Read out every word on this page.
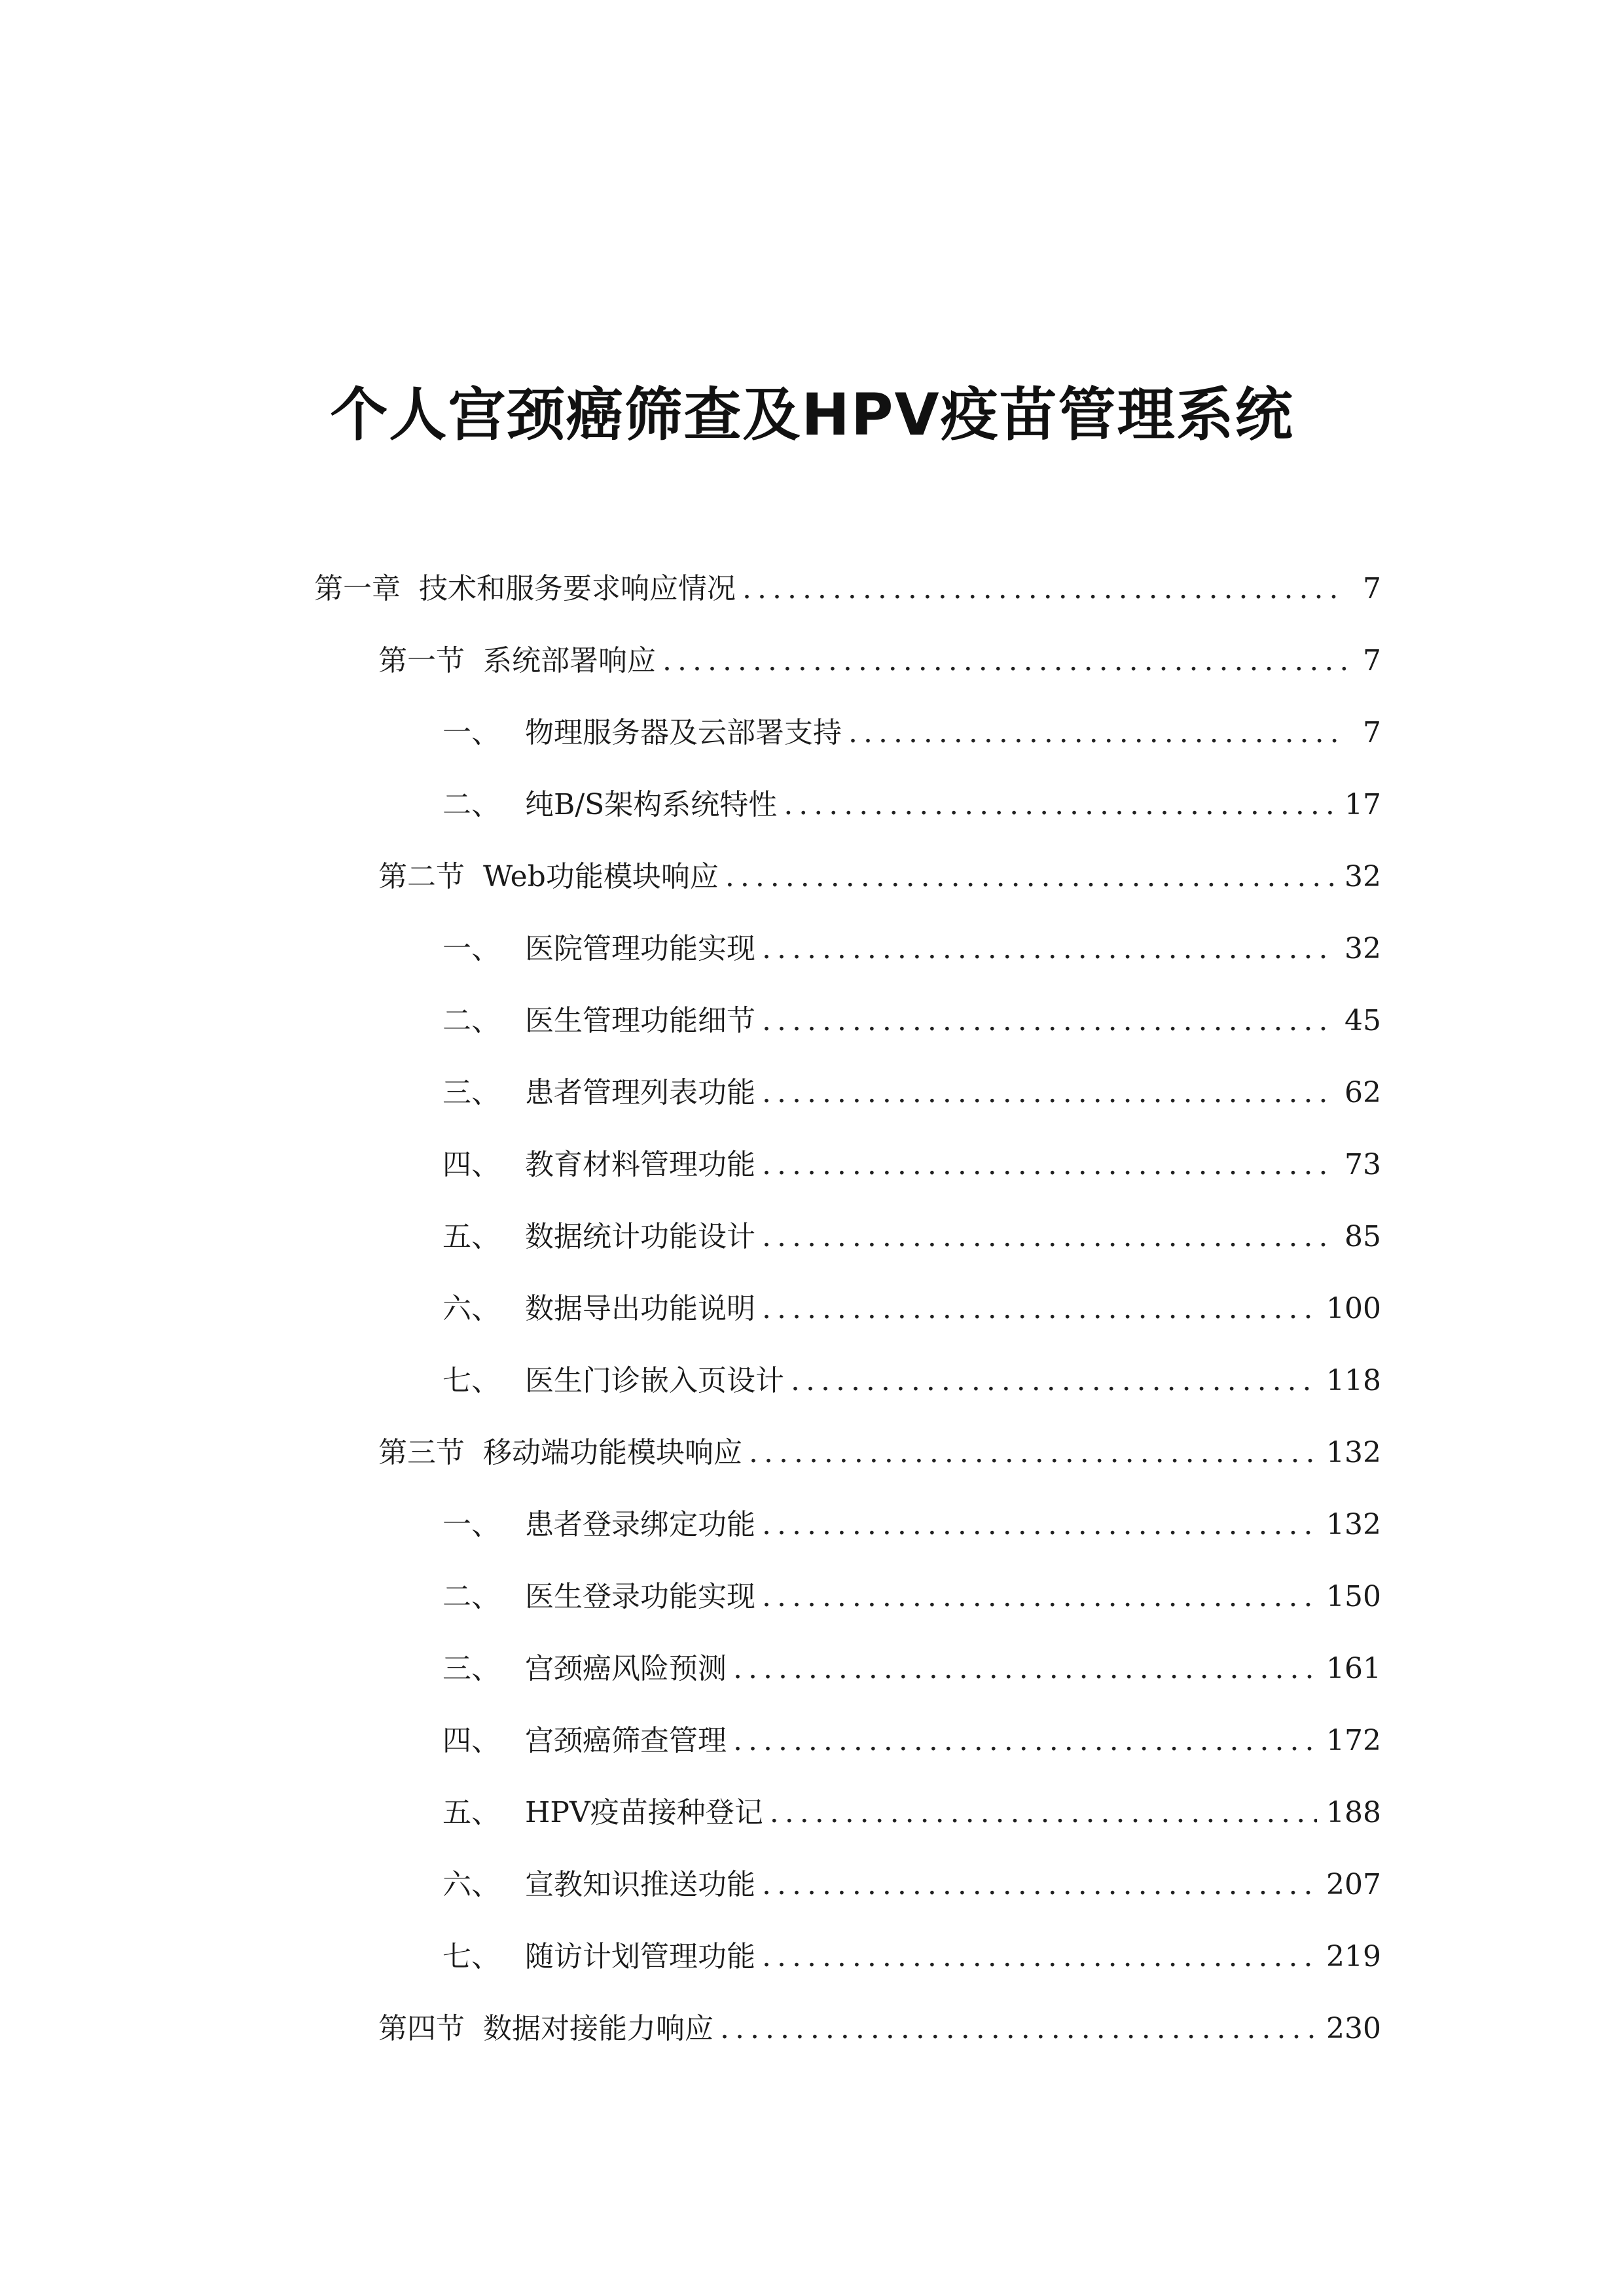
个人宫颈癌筛查及HPV疫苗管理系统
第一章 技术和服务要求响应情况 .....	7
第一节 系统部署响应 .....	7
一、 物理服务器及云部署支持 .....	7
二、 纯B/S架构系统特性 .....	17
第二节 Web功能模块响应 .....	32
一、 医院管理功能实现 .....	32
二、 医生管理功能细节 .....	45
三、 患者管理列表功能 .....	62
四、 教育材料管理功能 .....	73
五、 数据统计功能设计 .....	85
六、 数据导出功能说明 .....	100
七、 医生门诊嵌入页设计 .....	118
第三节 移动端功能模块响应 .....	132
一、 患者登录绑定功能 .....	132
二、 医生登录功能实现 .....	150
三、 宫颈癌风险预测 .....	161
四、 宫颈癌筛查管理 .....	172
五、 HPV疫苗接种登记 .....	188
六、 宣教知识推送功能 .....	207
七、 随访计划管理功能 .....	219
第四节 数据对接能力响应 .....	230
